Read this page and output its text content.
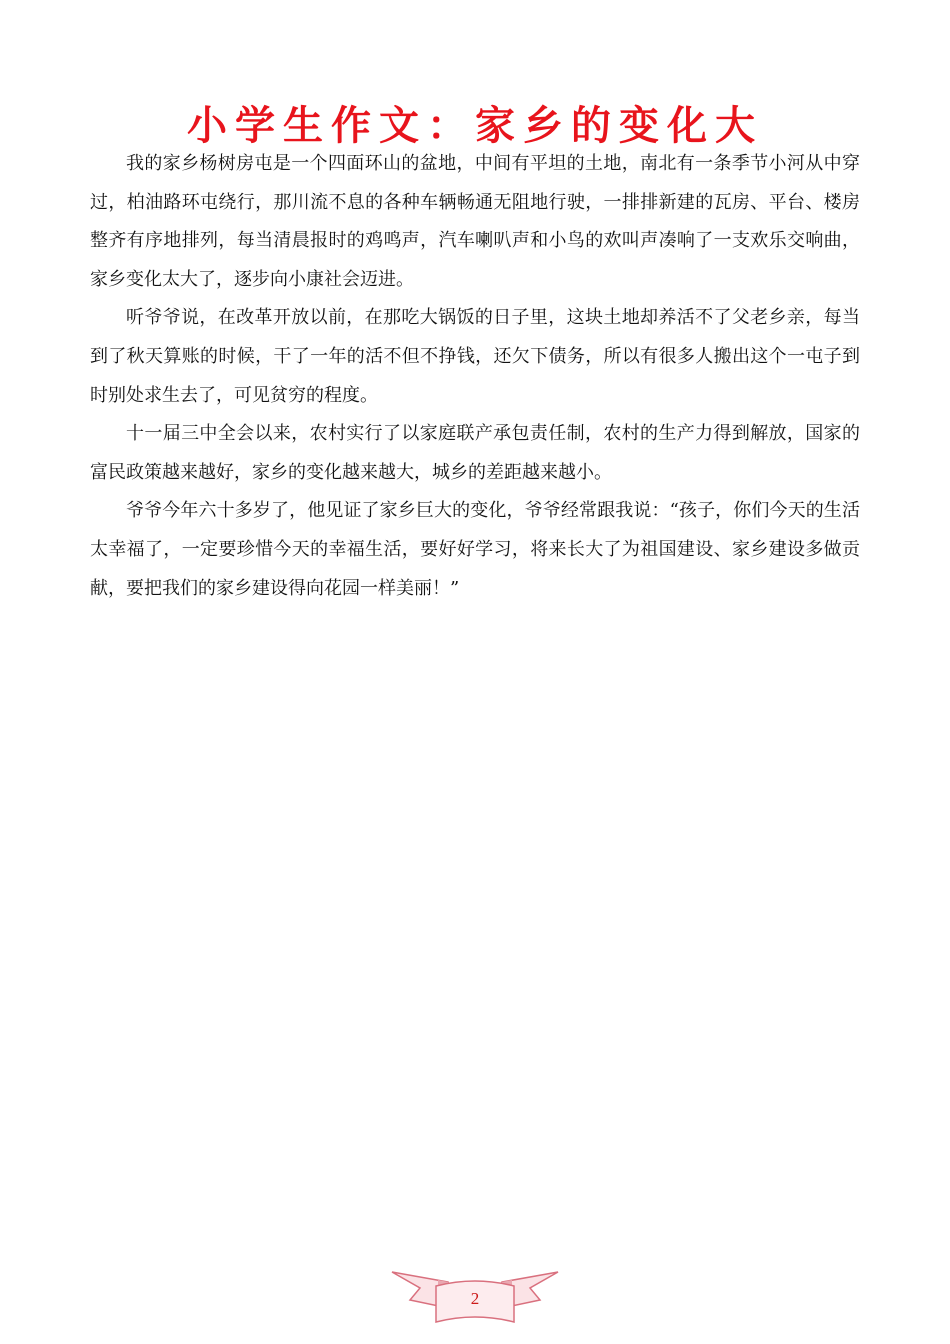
小学生作文：家乡的变化大

我的家乡杨树房屯是一个四面环山的盆地，中间有平坦的土地，南北有一条季节小河从中穿过，柏油路环屯绕行，那川流不息的各种车辆畅通无阻地行驶，一排排新建的瓦房、平台、楼房整齐有序地排列，每当清晨报时的鸡鸣声，汽车喇叭声和小鸟的欢叫声凑响了一支欢乐交响曲，家乡变化太大了，逐步向小康社会迈进。

听爷爷说，在改革开放以前，在那吃大锅饭的日子里，这块土地却养活不了父老乡亲，每当到了秋天算账的时候，干了一年的活不但不挣钱，还欠下债务，所以有很多人搬出这个一屯子到时别处求生去了，可见贫穷的程度。

十一届三中全会以来，农村实行了以家庭联产承包责任制，农村的生产力得到解放，国家的富民政策越来越好，家乡的变化越来越大，城乡的差距越来越小。

爷爷今年六十多岁了，他见证了家乡巨大的变化，爷爷经常跟我说：“孩子，你们今天的生活太幸福了，一定要珍惜今天的幸福生活，要好好学习，将来长大了为祖国建设、家乡建设多做贡献，要把我们的家乡建设得向花园一样美丽！”

2
